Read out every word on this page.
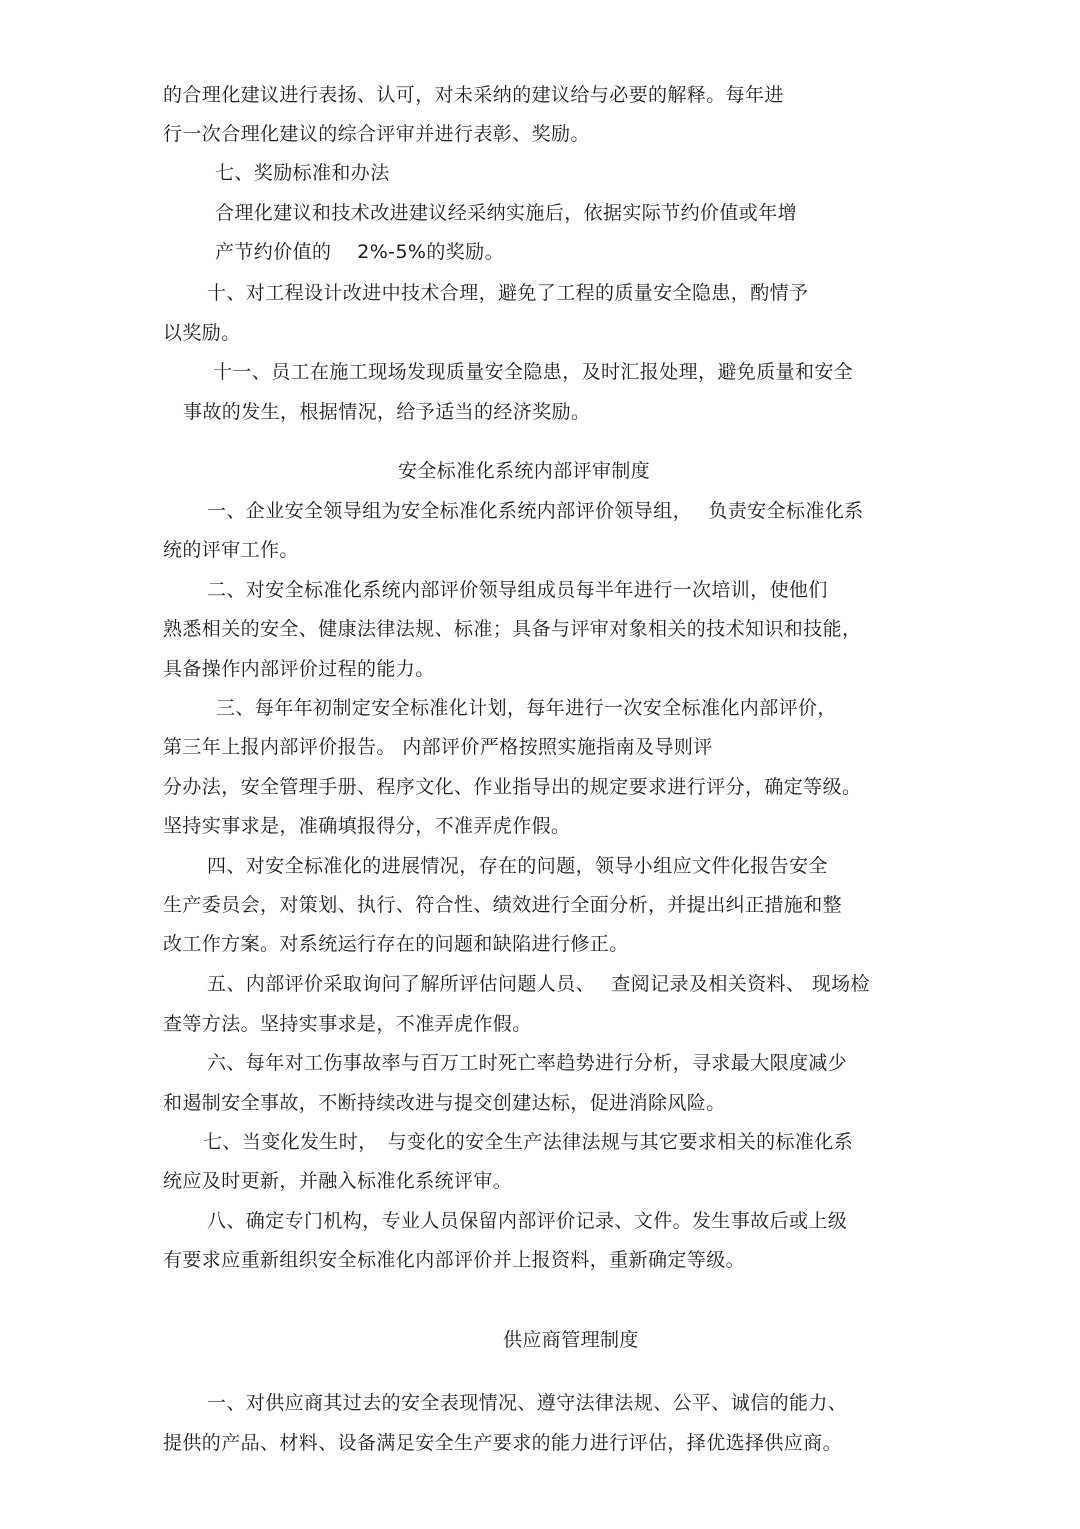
的合理化建议进行表扬、认可，对未采纳的建议给与必要的解释。每年进
行一次合理化建议的综合评审并进行表彰、奖励。
七、奖励标准和办法
合理化建议和技术改进建议经采纳实施后，依据实际节约价值或年增
产节约价值的　 2%-5%的奖励。
十、对工程设计改进中技术合理，避免了工程的质量安全隐患，酌情予
以奖励。
十一、员工在施工现场发现质量安全隐患，及时汇报处理，避免质量和安全
事故的发生，根据情况，给予适当的经济奖励。
安全标准化系统内部评审制度
一、企业安全领导组为安全标准化系统内部评价领导组，　 负责安全标准化系
统的评审工作。
二、对安全标准化系统内部评价领导组成员每半年进行一次培训，使他们
熟悉相关的安全、健康法律法规、标准；具备与评审对象相关的技术知识和技能，
具备操作内部评价过程的能力。
三、每年年初制定安全标准化计划，每年进行一次安全标准化内部评价，
第三年上报内部评价报告。 内部评价严格按照实施指南及导则评
分办法，安全管理手册、程序文化、作业指导出的规定要求进行评分，确定等级。
坚持实事求是，准确填报得分，不准弄虎作假。
四、对安全标准化的进展情况，存在的问题，领导小组应文件化报告安全
生产委员会，对策划、执行、符合性、绩效进行全面分析，并提出纠正措施和整
改工作方案。对系统运行存在的问题和缺陷进行修正。
五、内部评价采取询问了解所评估问题人员、　 查阅记录及相关资料、 现场检
查等方法。坚持实事求是，不准弄虎作假。
六、每年对工伤事故率与百万工时死亡率趋势进行分析，寻求最大限度减少
和遏制安全事故，不断持续改进与提交创建达标，促进消除风险。
七、当变化发生时，　与变化的安全生产法律法规与其它要求相关的标准化系
统应及时更新，并融入标准化系统评审。
八、确定专门机构，专业人员保留内部评价记录、文件。发生事故后或上级
有要求应重新组织安全标准化内部评价并上报资料，重新确定等级。
供应商管理制度
一、对供应商其过去的安全表现情况、遵守法律法规、公平、诚信的能力、
提供的产品、材料、设备满足安全生产要求的能力进行评估，择优选择供应商。
